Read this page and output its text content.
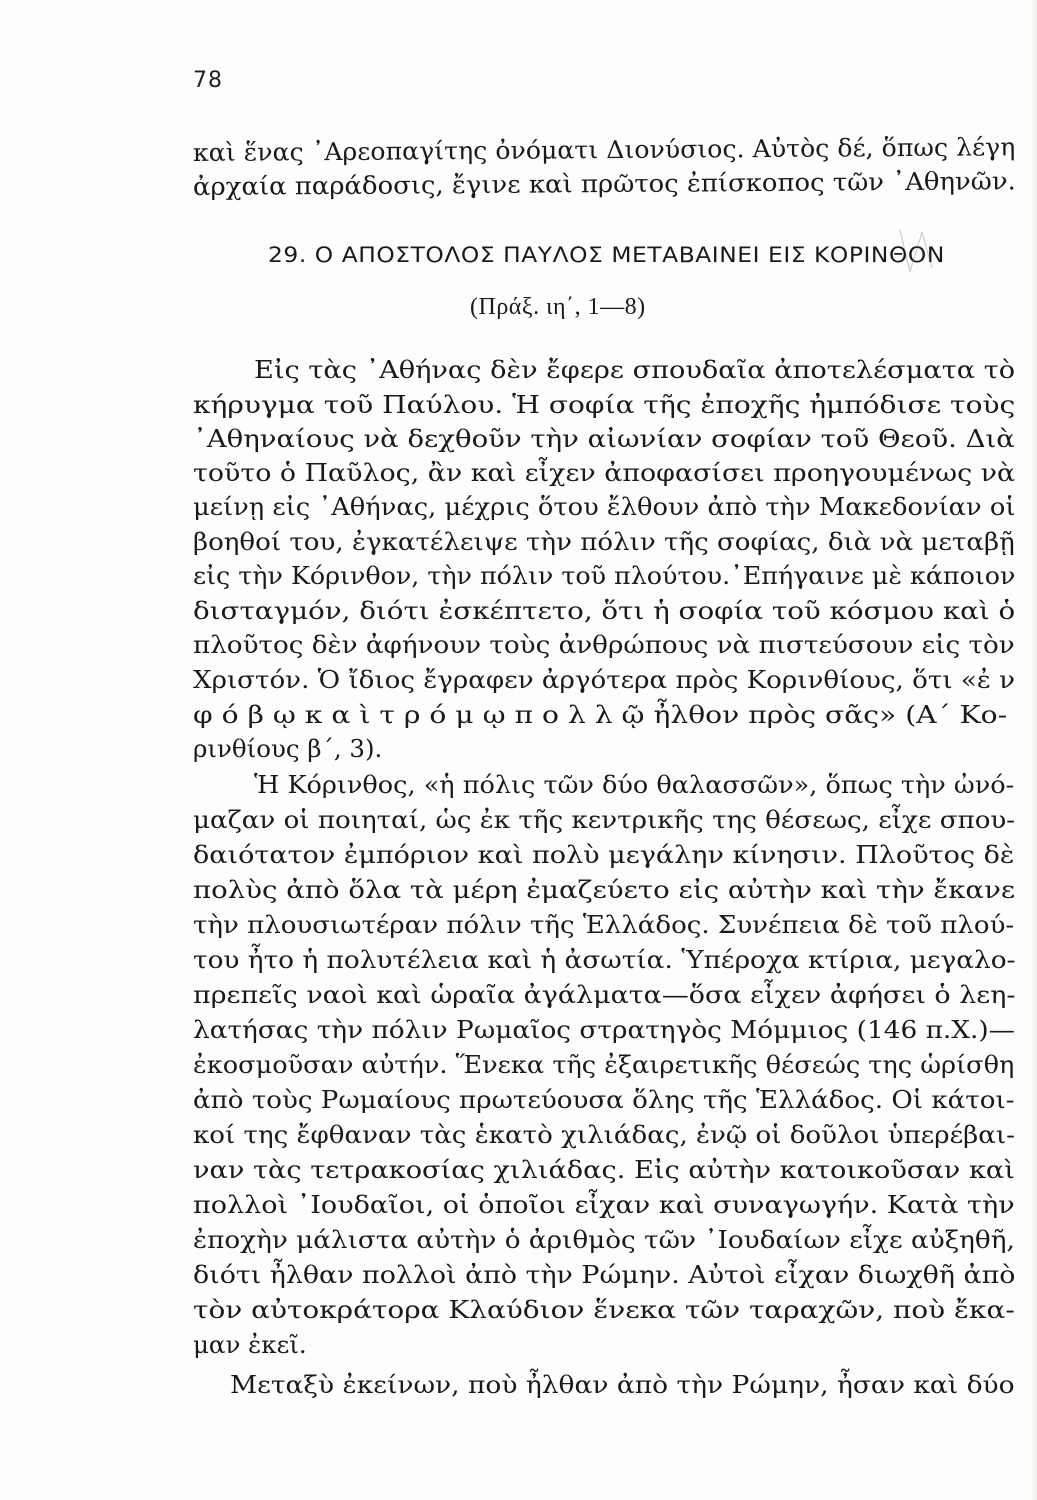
78
καὶ ἕνας ᾿Αρεοπαγίτης ὀνόματι Διονύσιος. Αὐτὸς δέ, ὅπως λέγη
ἀρχαία παράδοσις, ἔγινε καὶ πρῶτος ἐπίσκοπος τῶν ᾿Αθηνῶν.
29. Ο ΑΠΟΣΤΟΛΟΣ ΠΑΥΛΟΣ ΜΕΤΑΒΑΙΝΕΙ ΕΙΣ ΚΟΡΙΝΘΟΝ
(Πράξ. ιη΄, 1—8)
Εἰς τὰς ᾿Αθήνας δὲν ἔφερε σπουδαῖα ἀποτελέσματα τὸ
κήρυγμα τοῦ Παύλου. Ἡ σοφία τῆς ἐποχῆς ἠμπόδισε τοὺς
᾿Αθηναίους νὰ δεχθοῦν τὴν αἰωνίαν σοφίαν τοῦ Θεοῦ. Διὰ
τοῦτο ὁ Παῦλος, ἂν καὶ εἶχεν ἀποφασίσει προηγουμένως νὰ
μείνῃ εἰς ᾿Αθήνας, μέχρις ὅτου ἔλθουν ἀπὸ τὴν Μακεδονίαν οἱ
βοηθοί του, ἐγκατέλειψε τὴν πόλιν τῆς σοφίας, διὰ νὰ μεταβῇ
εἰς τὴν Κόρινθον, τὴν πόλιν τοῦ πλούτου.᾿Επήγαινε μὲ κάποιον
δισταγμόν, διότι ἐσκέπτετο, ὅτι ἡ σοφία τοῦ κόσμου καὶ ὁ
πλοῦτος δὲν ἀφήνουν τοὺς ἀνθρώπους νὰ πιστεύσουν εἰς τὸν
Χριστόν. Ὁ ἴδιος ἔγραφεν ἀργότερα πρὸς Κορινθίους, ὅτι «ἐ ν
φ ό β ῳ κ α ὶ τ ρ ό μ ῳ π ο λ λ ῷ ἦλθον πρὸς σᾶς» (Α΄ Κο-
ρινθίους β΄, 3).
Ἡ Κόρινθος, «ἡ πόλις τῶν δύο θαλασσῶν», ὅπως τὴν ὠνό-
μαζαν οἱ ποιηταί, ὡς ἐκ τῆς κεντρικῆς της θέσεως, εἶχε σπου-
δαιότατον ἐμπόριον καὶ πολὺ μεγάλην κίνησιν. Πλοῦτος δὲ
πολὺς ἀπὸ ὅλα τὰ μέρη ἐμαζεύετο εἰς αὐτὴν καὶ τὴν ἔκανε
τὴν πλουσιωτέραν πόλιν τῆς Ἑλλάδος. Συνέπεια δὲ τοῦ πλού-
του ἦτο ἡ πολυτέλεια καὶ ἡ ἀσωτία. Ὑπέροχα κτίρια, μεγαλο-
πρεπεῖς ναοὶ καὶ ὡραῖα ἀγάλματα—ὅσα εἶχεν ἀφήσει ὁ λεη-
λατήσας τὴν πόλιν Ρωμαῖος στρατηγὸς Μόμμιος (146 π.Χ.)—
ἐκοσμοῦσαν αὐτήν. Ἕνεκα τῆς ἐξαιρετικῆς θέσεώς της ὡρίσθη
ἀπὸ τοὺς Ρωμαίους πρωτεύουσα ὅλης τῆς Ἑλλάδος. Οἱ κάτοι-
κοί της ἔφθαναν τὰς ἑκατὸ χιλιάδας, ἐνῷ οἱ δοῦλοι ὑπερέβαι-
ναν τὰς τετρακοσίας χιλιάδας. Εἰς αὐτὴν κατοικοῦσαν καὶ
πολλοὶ ᾿Ιουδαῖοι, οἱ ὁποῖοι εἶχαν καὶ συναγωγήν. Κατὰ τὴν
ἐποχὴν μάλιστα αὐτὴν ὁ ἀριθμὸς τῶν ᾿Ιουδαίων εἶχε αὐξηθῆ,
διότι ἦλθαν πολλοὶ ἀπὸ τὴν Ρώμην. Αὐτοὶ εἶχαν διωχθῆ ἀπὸ
τὸν αὐτοκράτορα Κλαύδιον ἕνεκα τῶν ταραχῶν, ποὺ ἔκα-
μαν ἐκεῖ.
Μεταξὺ ἐκείνων, ποὺ ἦλθαν ἀπὸ τὴν Ρώμην, ἦσαν καὶ δύο
